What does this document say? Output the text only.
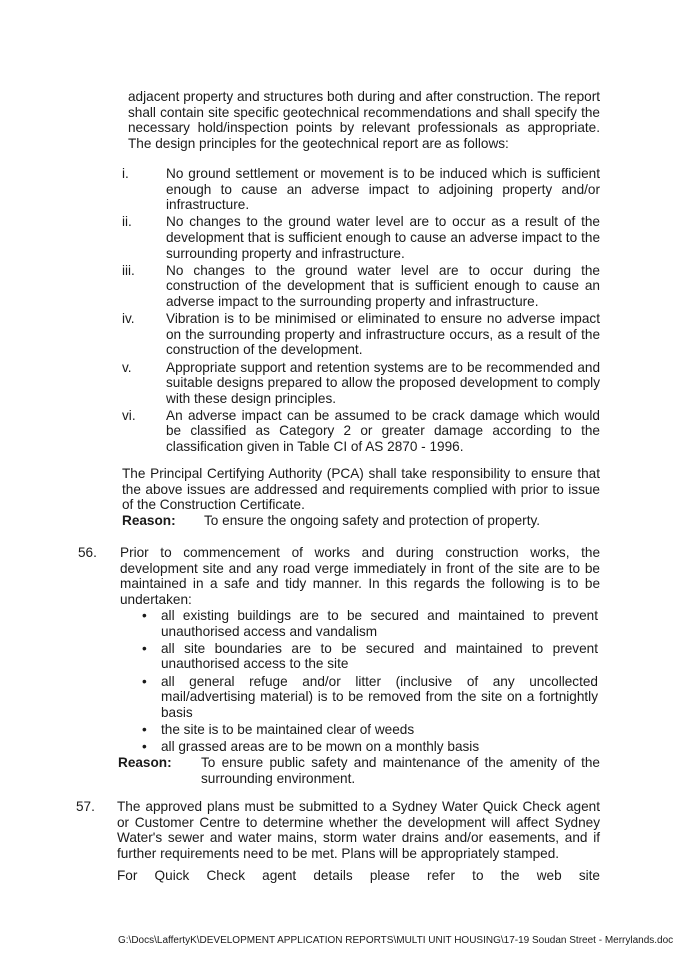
adjacent property and structures both during and after construction. The report shall contain site specific geotechnical recommendations and shall specify the necessary hold/inspection points by relevant professionals as appropriate. The design principles for the geotechnical report are as follows:

i.	No ground settlement or movement is to be induced which is sufficient enough to cause an adverse impact to adjoining property and/or infrastructure.
ii.	No changes to the ground water level are to occur as a result of the development that is sufficient enough to cause an adverse impact to the surrounding property and infrastructure.
iii. No changes to the ground water level are to occur during the construction of the development that is sufficient enough to cause an adverse impact to the surrounding property and infrastructure.
iv. Vibration is to be minimised or eliminated to ensure no adverse impact on the surrounding property and infrastructure occurs, as a result of the construction of the development.
v.	Appropriate support and retention systems are to be recommended and suitable designs prepared to allow the proposed development to comply with these design principles.
vi. An adverse impact can be assumed to be crack damage which would be classified as Category 2 or greater damage according to the classification given in Table CI of AS 2870 - 1996.

The Principal Certifying Authority (PCA) shall take responsibility to ensure that the above issues are addressed and requirements complied with prior to issue of the Construction Certificate.

Reason: To ensure the ongoing safety and protection of property.
56. Prior to commencement of works and during construction works, the development site and any road verge immediately in front of the site are to be maintained in a safe and tidy manner. In this regards the following is to be undertaken:

• all existing buildings are to be secured and maintained to prevent unauthorised access and vandalism
• all site boundaries are to be secured and maintained to prevent unauthorised access to the site
• all general refuge and/or litter (inclusive of any uncollected mail/advertising material) is to be removed from the site on a fortnightly basis
• the site is to be maintained clear of weeds
• all grassed areas are to be mown on a monthly basis
Reason: To ensure public safety and maintenance of the amenity of the surrounding environment.
57. The approved plans must be submitted to a Sydney Water Quick Check agent or Customer Centre to determine whether the development will affect Sydney Water's sewer and water mains, storm water drains and/or easements, and if further requirements need to be met. Plans will be appropriately stamped.

For Quick Check agent details please refer to the web site

G:\Docs\LaffertyK\DEVELOPMENT APPLICATION REPORTS\MULTI UNIT HOUSING\17-19 Soudan Street - Merrylands.doc
